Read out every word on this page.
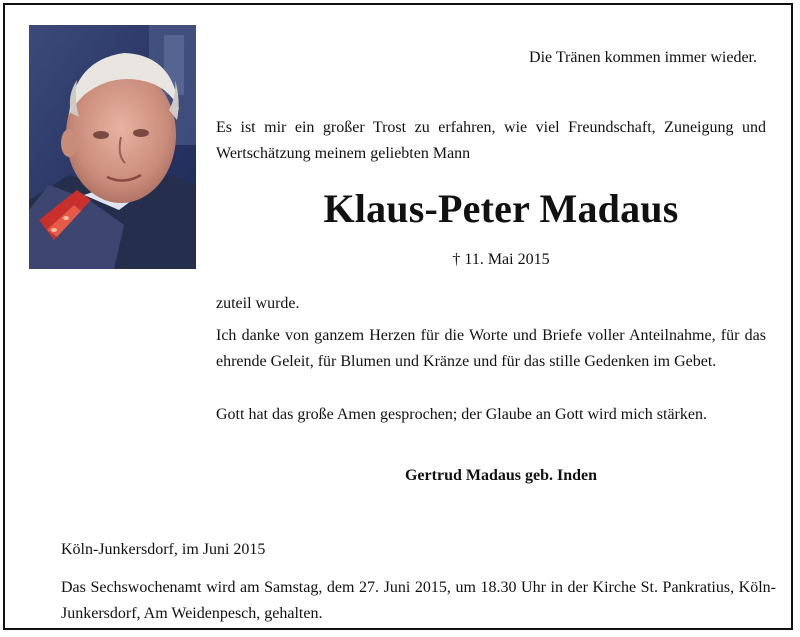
Die Tränen kommen immer wieder.
Es ist mir ein großer Trost zu erfahren, wie viel Freundschaft, Zuneigung und Wertschätzung meinem geliebten Mann
Klaus-Peter Madaus
† 11. Mai 2015
zuteil wurde.
Ich danke von ganzem Herzen für die Worte und Briefe voller Anteilnahme, für das ehrende Geleit, für Blumen und Kränze und für das stille Gedenken im Gebet.
Gott hat das große Amen gesprochen; der Glaube an Gott wird mich stärken.
Gertrud Madaus geb. Inden
Köln-Junkersdorf, im Juni 2015
Das Sechswochenamt wird am Samstag, dem 27. Juni 2015, um 18.30 Uhr in der Kirche St. Pankratius, Köln-Junkersdorf, Am Weidenpesch, gehalten.
